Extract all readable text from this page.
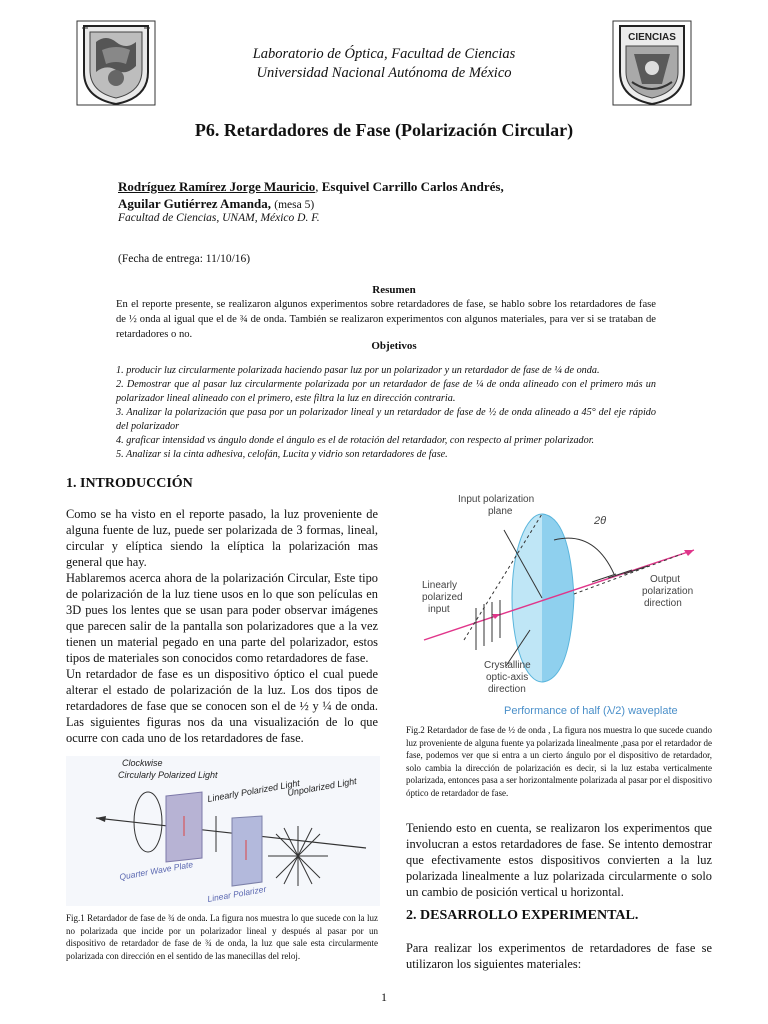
CIENCIAS
Laboratorio de Óptica, Facultad de Ciencias
Universidad Nacional Autónoma de México
P6. Retardadores de Fase (Polarización Circular)
Rodríguez Ramírez Jorge Mauricio, Esquivel Carrillo Carlos Andrés,
Aguilar Gutiérrez Amanda, (mesa 5)
Facultad de Ciencias, UNAM, México D. F.
(Fecha de entrega: 11/10/16)
Resumen
En el reporte presente, se realizaron algunos experimentos sobre retardadores de fase, se hablo sobre los retardadores de fase de ½ onda al igual que el de ¾ de onda. También se realizaron experimentos con algunos materiales, para ver si se trataban de retardadores o no.
Objetivos

1. producir luz circularmente polarizada haciendo pasar luz por un polarizador y un retardador de fase de ¼ de onda.

2. Demostrar que al pasar luz circularmente polarizada por un retardador de fase de ¼ de onda alineado con el primero más un polarizador lineal alineado con el primero, este filtra la luz en dirección contraria.

3. Analizar la polarización que pasa por un polarizador lineal y un retardador de fase de ½ de onda alineado a 45° del eje rápido del polarizador

4. graficar intensidad vs ángulo donde el ángulo es el de rotación del retardador, con respecto al primer polarizador.

5. Analizar si la cinta adhesiva, celofán, Lucita y vidrio son retardadores de fase.

1. INTRODUCCIÓN

Como se ha visto en el reporte pasado, la luz proveniente de alguna fuente de luz, puede ser polarizada de 3 formas, lineal, circular y elíptica siendo la elíptica la polarización mas general que hay.

Hablaremos acerca ahora de la polarización Circular, Este tipo de polarización de la luz tiene usos en lo que son películas en 3D pues los lentes que se usan para poder observar imágenes que parecen salir de la pantalla son polarizadores que a la vez tienen un material pegado en una parte del polarizador, estos tipos de materiales son conocidos como retardadores de fase.

Un retardador de fase es un dispositivo óptico el cual puede alterar el estado de polarización de la luz. Los dos tipos de retardadores de fase que se conocen son el de ½ y ¼ de onda. Las siguientes figuras nos da una visualización de lo que ocurre con cada uno de los retardadores de fase.

Clockwise
Circularly Polarized Light
Linearly Polarized Light
Unpolarized Light
Quarter Wave Plate
Linear Polarizer
Fig.1 Retardador de fase de ¾ de onda. La figura nos muestra lo que sucede con la luz no polarizada que incide por un polarizador lineal y después al pasar por un dispositivo de retardador de fase de ¾ de onda, la luz que sale esta circularmente polarizada con dirección en el sentido de las manecillas del reloj.
Input polarization
plane
2θ
Linearly
polarized
input
Output
polarization
direction
Crystalline
optic-axis
direction
Performance of half (λ/2) waveplate
Fig.2 Retardador de fase de ½ de onda , La figura nos muestra lo que sucede cuando luz proveniente de alguna fuente ya polarizada linealmente ,pasa por el retardador de fase, podemos ver que si entra a un cierto ángulo por el dispositivo de retardador, solo cambia la dirección de polarización es decir, si la luz estaba verticalmente polarizada, entonces pasa a ser horizontalmente polarizada al pasar por el dispositivo óptico de retardador de fase.
Teniendo esto en cuenta, se realizaron los experimentos que involucran a estos retardadores de fase. Se intento demostrar que efectivamente estos dispositivos convierten a la luz polarizada linealmente a luz polarizada circularmente o solo un cambio de posición vertical u horizontal.
2. DESARROLLO EXPERIMENTAL.
Para realizar los experimentos de retardadores de fase se utilizaron los siguientes materiales:
1
